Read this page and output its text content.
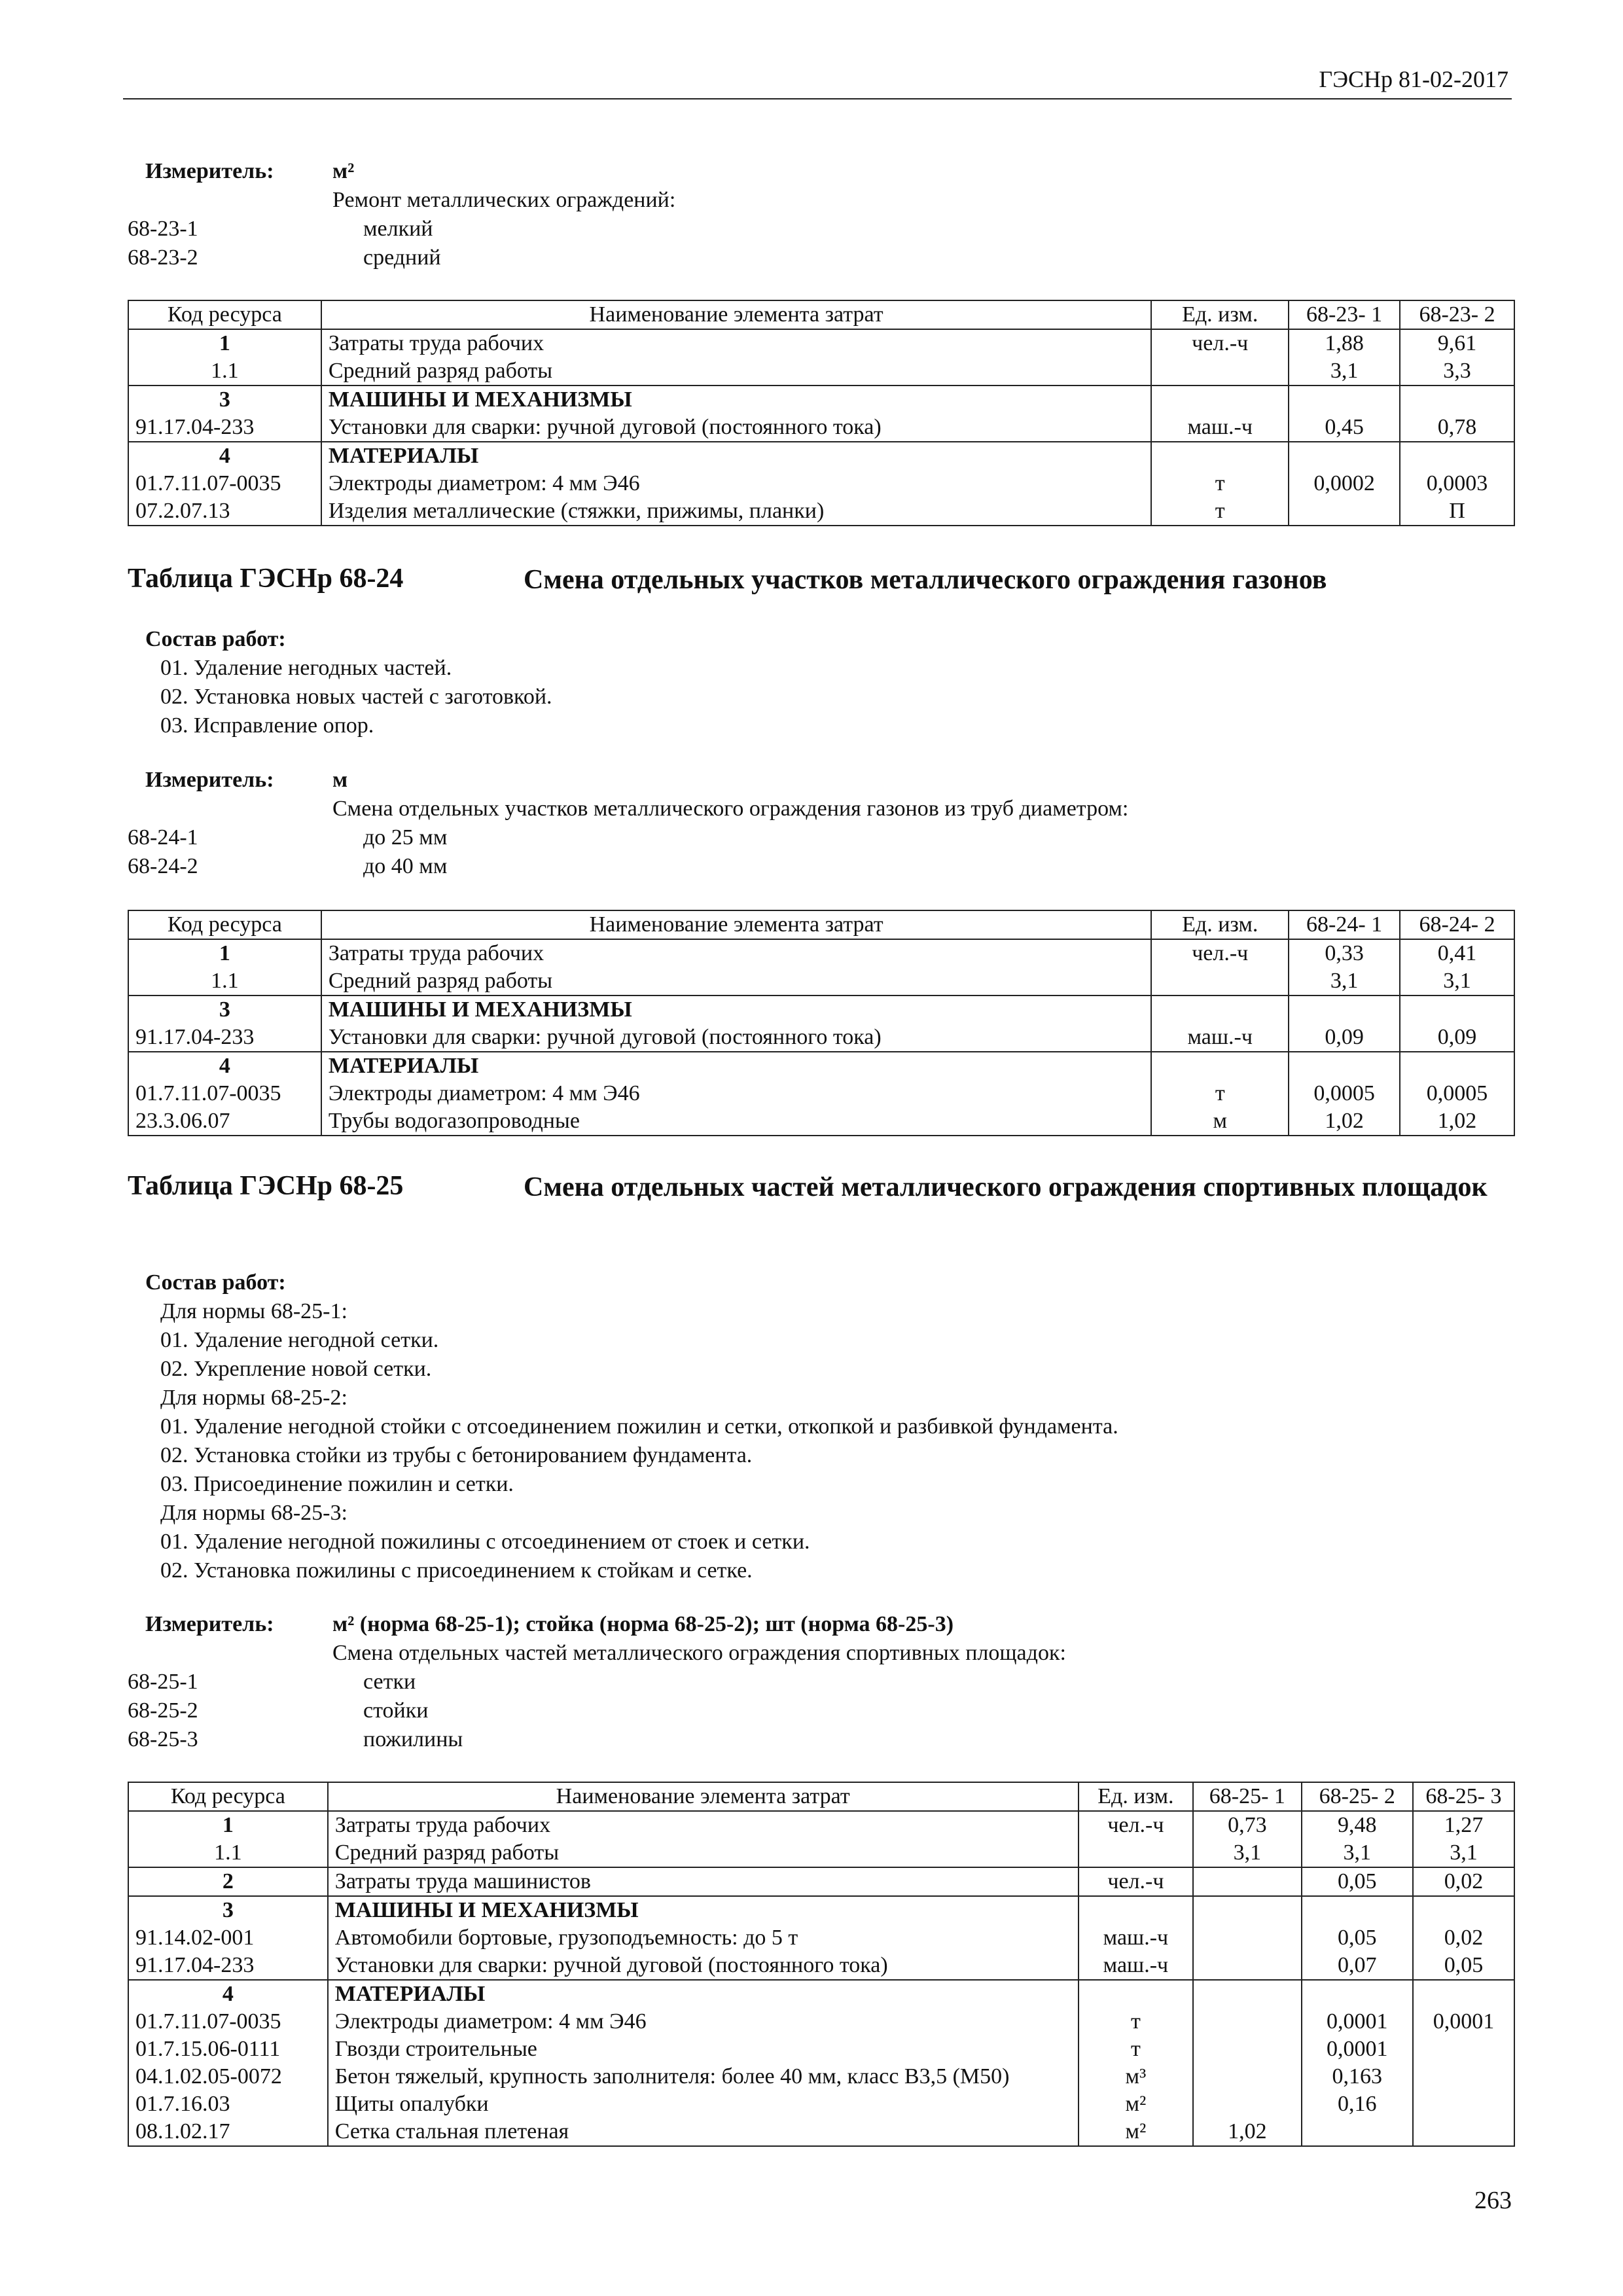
ГЭСНр 81-02-2017
Измеритель:	м²
Ремонт металлических ограждений:
68-23-1	мелкий
68-23-2	средний
Код ресурса	Наименование элемента затрат	Ед. изм.	68-23- 1	68-23- 2
1	Затраты труда рабочих	чел.-ч	1,88	9,61
1.1	Средний разряд работы		3,1	3,3
3	МАШИНЫ И МЕХАНИЗМЫ			
91.17.04-233	Установки для сварки: ручной дуговой (постоянного тока)	маш.-ч	0,45	0,78
4	МАТЕРИАЛЫ			
01.7.11.07-0035	Электроды диаметром: 4 мм Э46	т	0,0002	0,0003
07.2.07.13	Изделия металлические (стяжки, прижимы, планки)	т		П
Таблица ГЭСНр 68-24	Смена отдельных участков металлического ограждения газонов
Состав работ:
01. Удаление негодных частей.
02. Установка новых частей с заготовкой.
03. Исправление опор.
Измеритель:	м
Смена отдельных участков металлического ограждения газонов из труб диаметром:
68-24-1	до 25 мм
68-24-2	до 40 мм
Код ресурса	Наименование элемента затрат	Ед. изм.	68-24- 1	68-24- 2
1	Затраты труда рабочих	чел.-ч	0,33	0,41
1.1	Средний разряд работы		3,1	3,1
3	МАШИНЫ И МЕХАНИЗМЫ			
91.17.04-233	Установки для сварки: ручной дуговой (постоянного тока)	маш.-ч	0,09	0,09
4	МАТЕРИАЛЫ			
01.7.11.07-0035	Электроды диаметром: 4 мм Э46	т	0,0005	0,0005
23.3.06.07	Трубы водогазопроводные	м	1,02	1,02
Таблица ГЭСНр 68-25	Смена отдельных частей металлического ограждения спортивных площадок
Состав работ:
Для нормы 68-25-1:
01. Удаление негодной сетки.
02. Укрепление новой сетки.
Для нормы 68-25-2:
01. Удаление негодной стойки с отсоединением пожилин и сетки, откопкой и разбивкой фундамента.
02. Установка стойки из трубы с бетонированием фундамента.
03. Присоединение пожилин и сетки.
Для нормы 68-25-3:
01. Удаление негодной пожилины с отсоединением от стоек и сетки.
02. Установка пожилины с присоединением к стойкам и сетке.
Измеритель:	м² (норма 68-25-1); стойка (норма 68-25-2); шт (норма 68-25-3)
Смена отдельных частей металлического ограждения спортивных площадок:
68-25-1	сетки
68-25-2	стойки
68-25-3	пожилины
Код ресурса	Наименование элемента затрат	Ед. изм.	68-25- 1	68-25- 2	68-25- 3
1	Затраты труда рабочих	чел.-ч	0,73	9,48	1,27
1.1	Средний разряд работы		3,1	3,1	3,1
2	Затраты труда машинистов	чел.-ч		0,05	0,02
3	МАШИНЫ И МЕХАНИЗМЫ				
91.14.02-001	Автомобили бортовые, грузоподъемность: до 5 т	маш.-ч		0,05	0,02
91.17.04-233	Установки для сварки: ручной дуговой (постоянного тока)	маш.-ч		0,07	0,05
4	МАТЕРИАЛЫ				
01.7.11.07-0035	Электроды диаметром: 4 мм Э46	т		0,0001	0,0001
01.7.15.06-0111	Гвозди строительные	т		0,0001	
04.1.02.05-0072	Бетон тяжелый, крупность заполнителя: более 40 мм, класс В3,5 (М50)	м³		0,163	
01.7.16.03	Щиты опалубки	м²		0,16	
08.1.02.17	Сетка стальная плетеная	м²	1,02		
263
